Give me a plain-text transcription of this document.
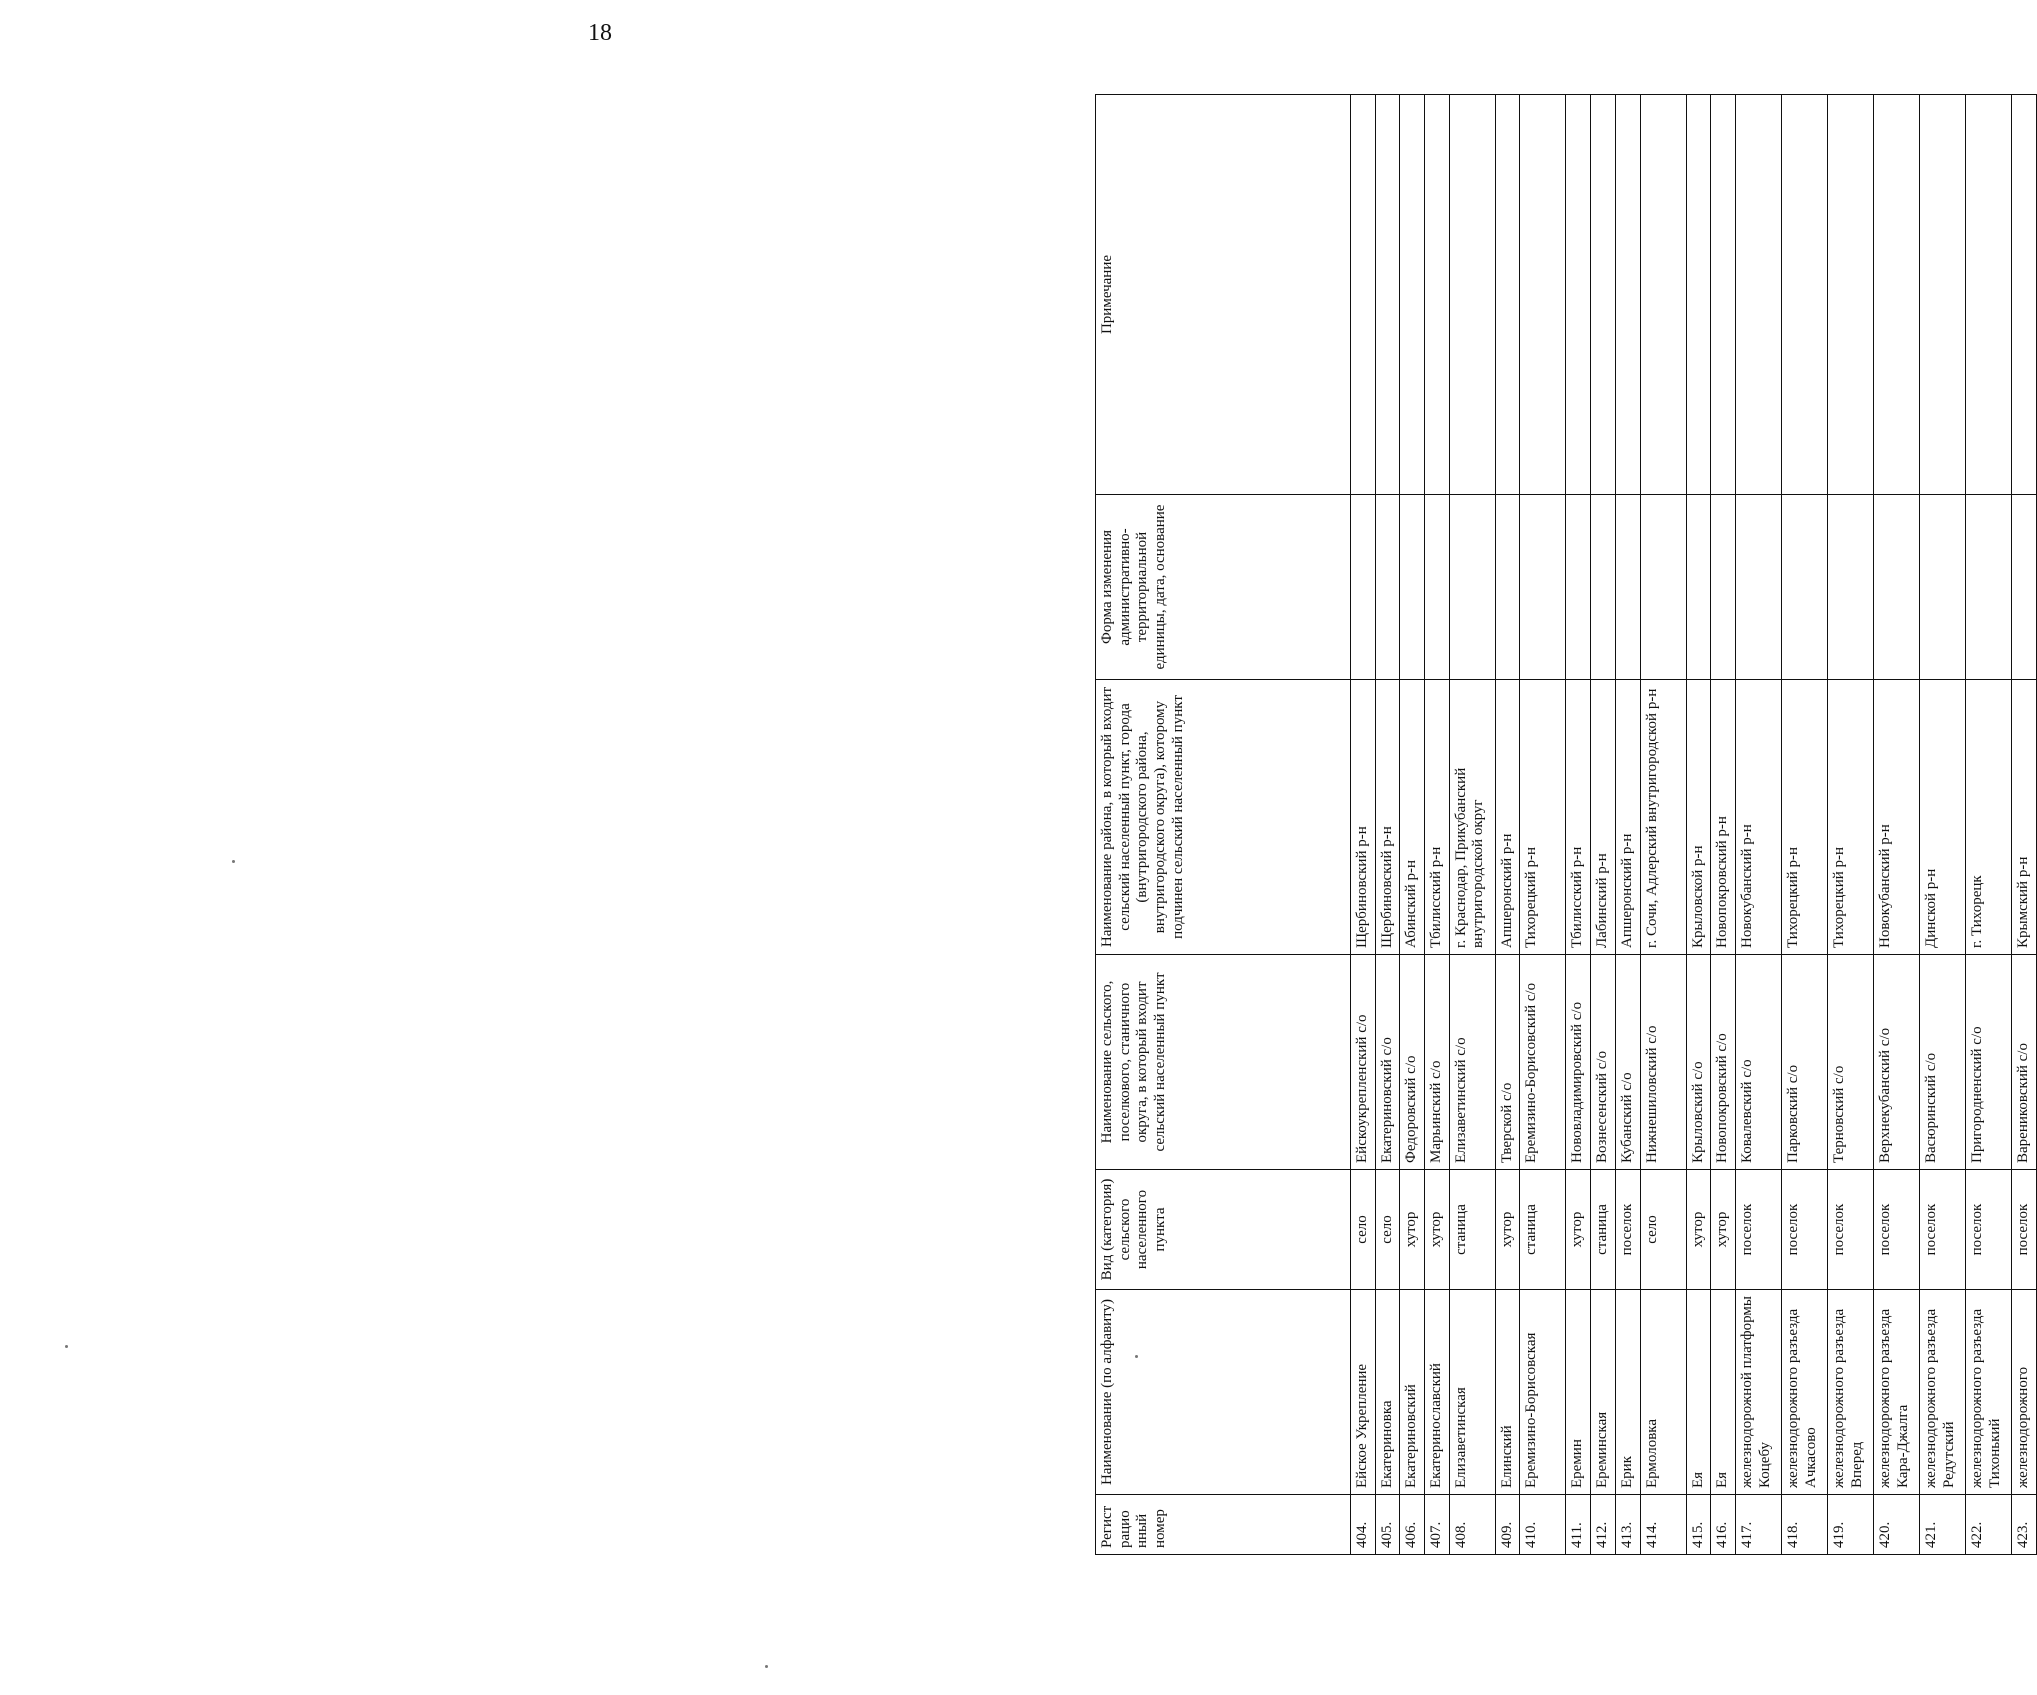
18
Регист рацио нный номер	Наименование (по алфавиту)	Вид (категория) сельского населенного пункта	Наименование сельского, поселкового, станичного округа, в который входит сельский населенный пункт	Наименование района, в который входит сельский населенный пункт, города (внутригородского района, внутригородского округа), которому подчинен сельский населенный пункт	Форма изменения административно-территориальной единицы, дата, основание	Примечание
404.	Ейское Укрепление	село	Ейскоукрепленский с/о	Щербиновский р-н		
405.	Екатериновка	село	Екатериновский с/о	Щербиновский р-н		
406.	Екатериновский	хутор	Федоровский с/о	Абинский р-н		
407.	Екатеринославский	хутор	Марьинский с/о	Тбилисский р-н		
408.	Елизаветинская	станица	Елизаветинский с/о	г. Краснодар, Прикубанский внутригородской округ		
409.	Елинский	хутор	Тверской с/о	Апшеронский р-н		
410.	Еремизино-Борисовская	станица	Еремизино-Борисовский с/о	Тихорецкий р-н		
411.	Еремин	хутор	Нововладимировский с/о	Тбилисский р-н		
412.	Ереминская	станица	Вознесенский с/о	Лабинский р-н		
413.	Ерик	поселок	Кубанский с/о	Апшеронский р-н		
414.	Ермоловка	село	Нижнешиловский с/о	г. Сочи, Адлерский внутригородской р-н		
415.	Ея	хутор	Крыловский с/о	Крыловской р-н		
416.	Ея	хутор	Новопокровский с/о	Новопокровский р-н		
417.	железнодорожной платформы Коцебу	поселок	Ковалевский с/о	Новокубанский р-н		
418.	железнодорожного разъезда Ачкасово	поселок	Парковский с/о	Тихорецкий р-н		
419.	железнодорожного разъезда Вперед	поселок	Терновский с/о	Тихорецкий р-н		
420.	железнодорожного разъезда Кара-Джалга	поселок	Верхнекубанский с/о	Новокубанский р-н		
421.	железнодорожного разъезда Редутский	поселок	Васюринский с/о	Динской р-н		
422.	железнодорожного разъезда Тихонький	поселок	Пригородненский с/о	г. Тихорецк		
423.	железнодорожного	поселок	Варениковский с/о	Крымский р-н		
